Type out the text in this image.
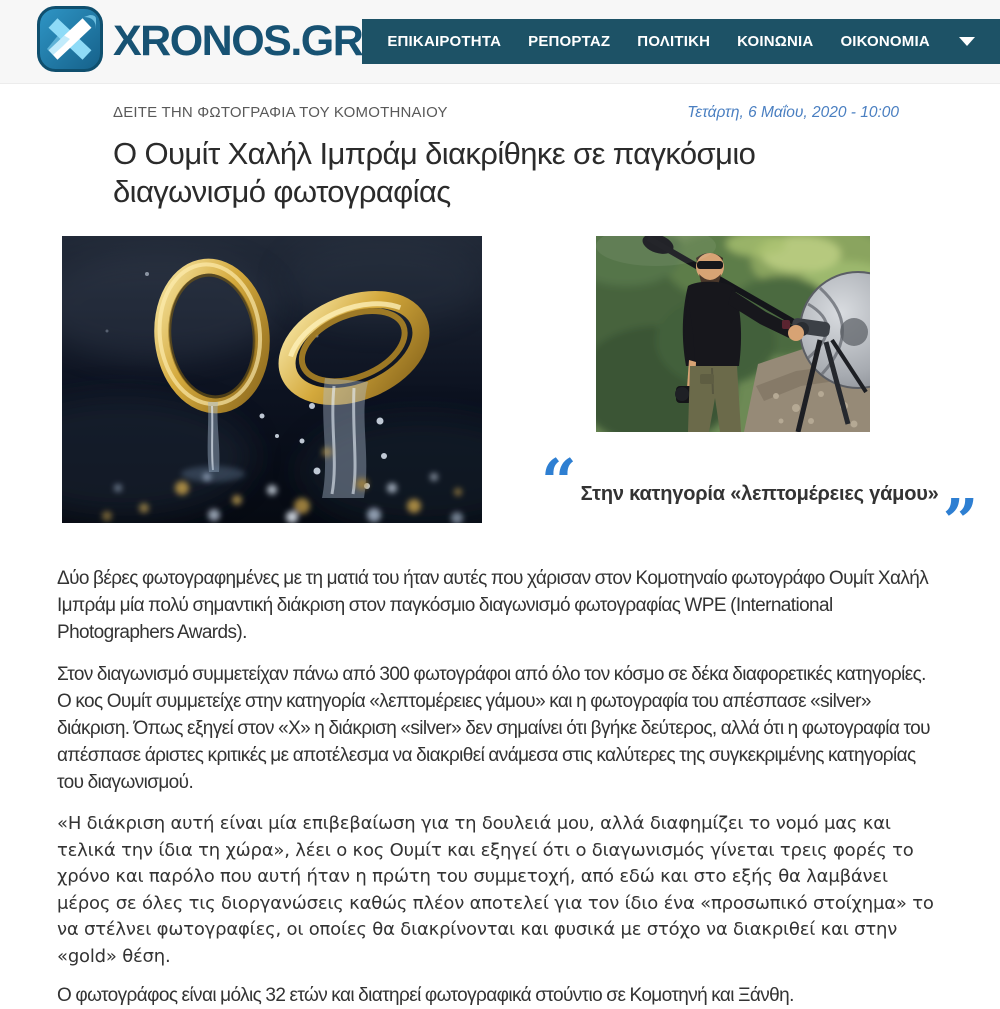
XRONOS.GR ΕΠΙΚΑΙΡΟΤΗΤΑ ΡΕΠΟΡΤΑΖ ΠΟΛΙΤΙΚΗ ΚΟΙΝΩΝΙΑ ΟΙΚΟΝΟΜΙΑ
ΔΕΙΤΕ ΤΗΝ ΦΩΤΟΓΡΑΦΙΑ ΤΟΥ ΚΟΜΟΤΗΝΑΙΟΥ	Τετάρτη, 6 Μαΐου, 2020 - 10:00
Ο Ουμίτ Χαλήλ Ιμπράμ διακρίθηκε σε παγκόσμιο διαγωνισμό φωτογραφίας
“ Στην κατηγορία «λεπτομέρειες γάμου» ”

Δύο βέρες φωτογραφημένες με τη ματιά του ήταν αυτές που χάρισαν στον Κομοτηναίο φωτογράφο Ουμίτ Χαλήλ Ιμπράμ μία πολύ σημαντική διάκριση στον παγκόσμιο διαγωνισμό φωτογραφίας WPE (International Photographers Awards).

Στον διαγωνισμό συμμετείχαν πάνω από 300 φωτογράφοι από όλο τον κόσμο σε δέκα διαφορετικές κατηγορίες. Ο κος Ουμίτ συμμετείχε στην κατηγορία «λεπτομέρειες γάμου» και η φωτογραφία του απέσπασε «silver» διάκριση. Όπως εξηγεί στον «Χ» η διάκριση «silver» δεν σημαίνει ότι βγήκε δεύτερος, αλλά ότι η φωτογραφία του απέσπασε άριστες κριτικές με αποτέλεσμα να διακριθεί ανάμεσα στις καλύτερες της συγκεκριμένης κατηγορίας του διαγωνισμού.

«Η διάκριση αυτή είναι μία επιβεβαίωση για τη δουλειά μου, αλλά διαφημίζει το νομό μας και τελικά την ίδια τη χώρα», λέει ο κος Ουμίτ και εξηγεί ότι ο διαγωνισμός γίνεται τρεις φορές το χρόνο και παρόλο που αυτή ήταν η πρώτη του συμμετοχή, από εδώ και στο εξής θα λαμβάνει μέρος σε όλες τις διοργανώσεις καθώς πλέον αποτελεί για τον ίδιο ένα «προσωπικό στοίχημα» το να στέλνει φωτογραφίες, οι οποίες θα διακρίνονται και φυσικά με στόχο να διακριθεί και στην «gold» θέση.

Ο φωτογράφος είναι μόλις 32 ετών και διατηρεί φωτογραφικά στούντιο σε Κομοτηνή και Ξάνθη.
